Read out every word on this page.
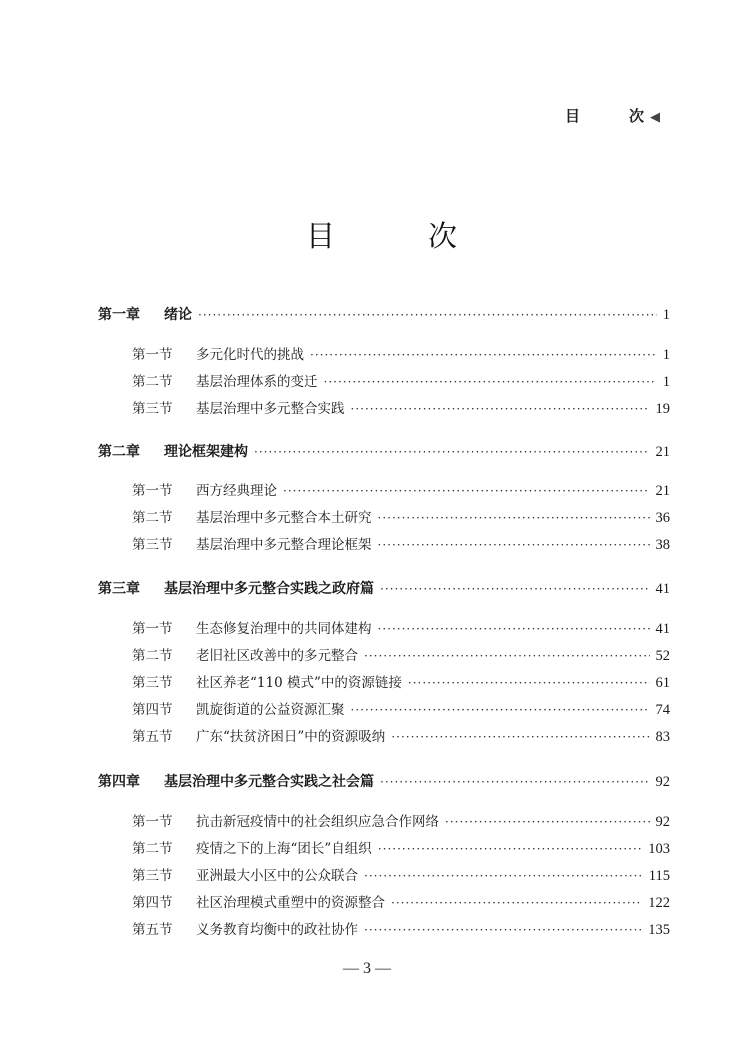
目	次 ◀
目	次
第一章	绪论 ·····	1
第一节	多元化时代的挑战 ·····	1
第二节	基层治理体系的变迁 ·····	1
第三节	基层治理中多元整合实践 ·····	19
第二章	理论框架建构 ·····	21
第一节	西方经典理论 ·····	21
第二节	基层治理中多元整合本土研究 ·····	36
第三节	基层治理中多元整合理论框架 ·····	38
第三章	基层治理中多元整合实践之政府篇 ·····	41
第一节	生态修复治理中的共同体建构 ·····	41
第二节	老旧社区改善中的多元整合 ·····	52
第三节	社区养老“110 模式”中的资源链接 ·····	61
第四节	凯旋街道的公益资源汇聚 ·····	74
第五节	广东“扶贫济困日”中的资源吸纳 ·····	83
第四章	基层治理中多元整合实践之社会篇 ·····	92
第一节	抗击新冠疫情中的社会组织应急合作网络 ·····	92
第二节	疫情之下的上海“团长”自组织 ·····	103
第三节	亚洲最大小区中的公众联合 ·····	115
第四节	社区治理模式重塑中的资源整合 ·····	122
第五节	义务教育均衡中的政社协作 ·····	135
— 3 —
